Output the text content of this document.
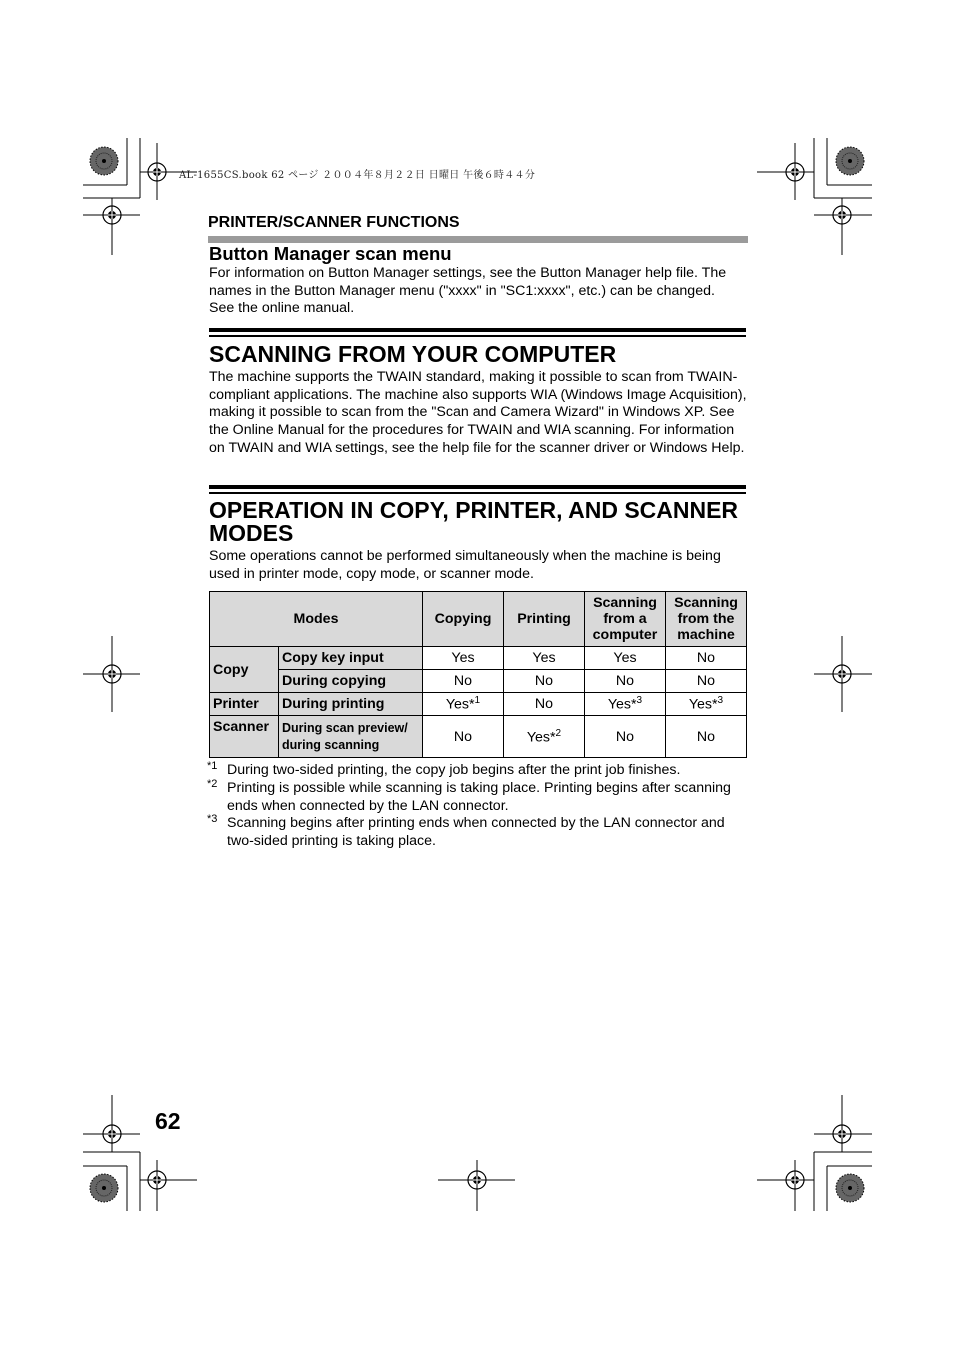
AL-1655CS.book 62 ページ ２００４年８月２２日 日曜日 午後６時４４分
PRINTER/SCANNER FUNCTIONS
Button Manager scan menu
For information on Button Manager settings, see the Button Manager help file. The names in the Button Manager menu ("xxxx" in "SC1:xxxx", etc.) can be changed. See the online manual.
SCANNING FROM YOUR COMPUTER
The machine supports the TWAIN standard, making it possible to scan from TWAIN-compliant applications. The machine also supports WIA (Windows Image Acquisition), making it possible to scan from the "Scan and Camera Wizard" in Windows XP. See the Online Manual for the procedures for TWAIN and WIA scanning. For information on TWAIN and WIA settings, see the help file for the scanner driver or Windows Help.
OPERATION IN COPY, PRINTER, AND SCANNER MODES
Some operations cannot be performed simultaneously when the machine is being used in printer mode, copy mode, or scanner mode.
Modes		Copying	Printing	Scanning from a computer	Scanning from the machine
Copy	Copy key input	Yes	Yes	Yes	No
	During copying	No	No	No	No
Printer	During printing	Yes*$^1$	No	Yes*$^3$	Yes*$^3$
Scanner	During scan preview/ during scanning	No	Yes*$^2$	No	No
*1 During two-sided printing, the copy job begins after the print job finishes.
*2 Printing is possible while scanning is taking place. Printing begins after scanning ends when connected by the LAN connector.
*3 Scanning begins after printing ends when connected by the LAN connector and two-sided printing is taking place.
62
